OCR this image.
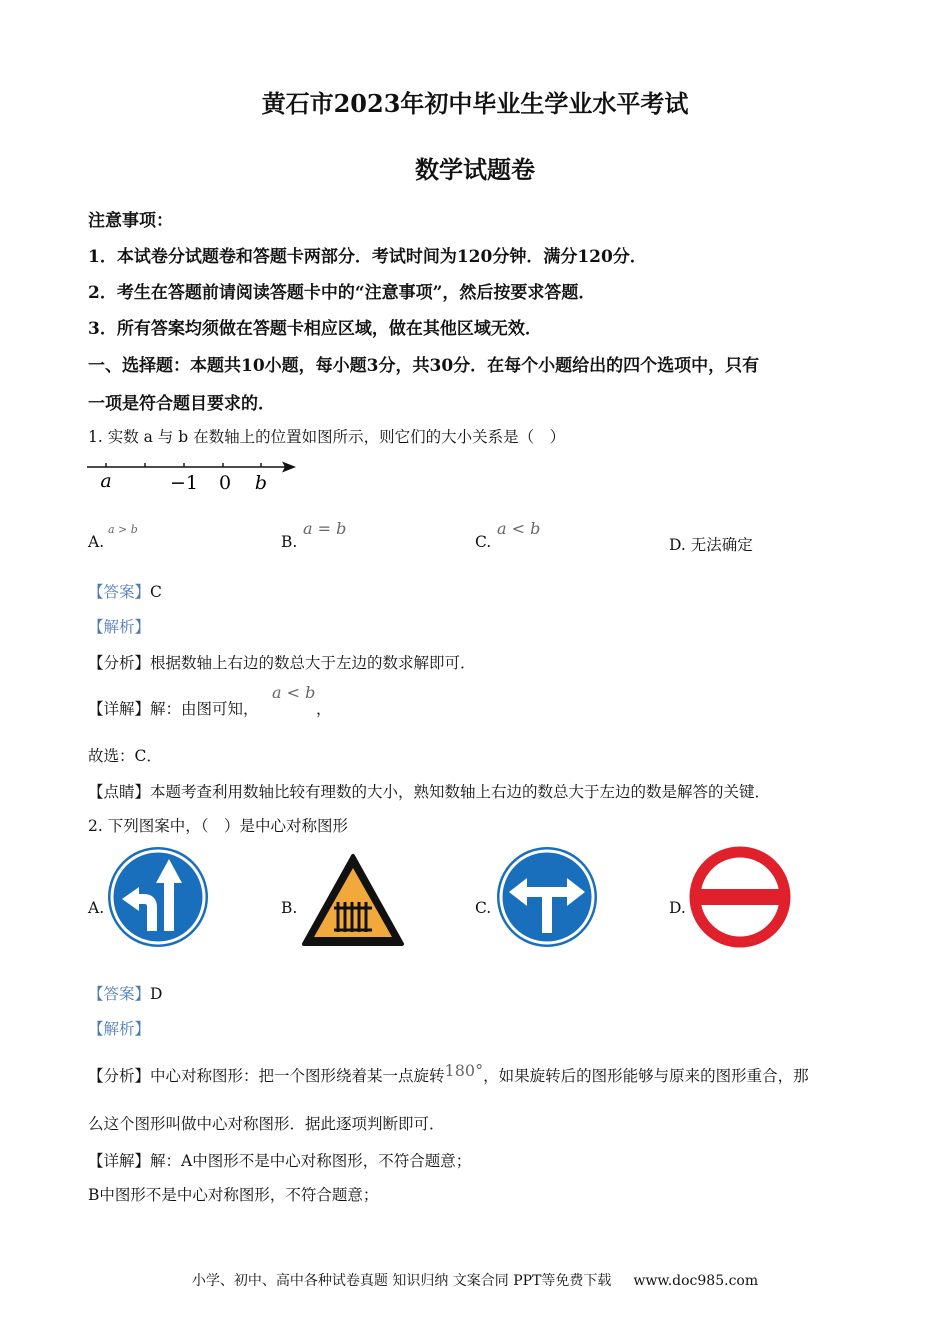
黄石市2023年初中毕业生学业水平考试
数学试题卷
注意事项：
1．本试卷分试题卷和答题卡两部分．考试时间为120分钟．满分120分．
2．考生在答题前请阅读答题卡中的“注意事项”，然后按要求答题．
3．所有答案均须做在答题卡相应区域，做在其他区域无效．
一、选择题：本题共10小题，每小题3分，共30分．在每个小题给出的四个选项中，只有
一项是符合题目要求的．
1. 实数 a 与 b 在数轴上的位置如图所示，则它们的大小关系是（　）
a	−1 0 b
A.
a > b
B.
a = b
C.
a < b
D. 无法确定
【答案】C
【解析】
【分析】根据数轴上右边的数总大于左边的数求解即可．
【详解】解：由图可知，
a < b
，
故选：C．
【点睛】本题考查利用数轴比较有理数的大小，熟知数轴上右边的数总大于左边的数是解答的关键．
2. 下列图案中，（　）是中心对称图形
A.	B.	C.	D.
【答案】D
【解析】
【分析】中心对称图形：把一个图形绕着某一点旋转180°，如果旋转后的图形能够与原来的图形重合，那
么这个图形叫做中心对称图形．据此逐项判断即可．
【详解】解：A中图形不是中心对称图形，不符合题意；
B中图形不是中心对称图形，不符合题意；
小学、初中、高中各种试卷真题 知识归纳 文案合同 PPT等免费下载 www.doc985.com
